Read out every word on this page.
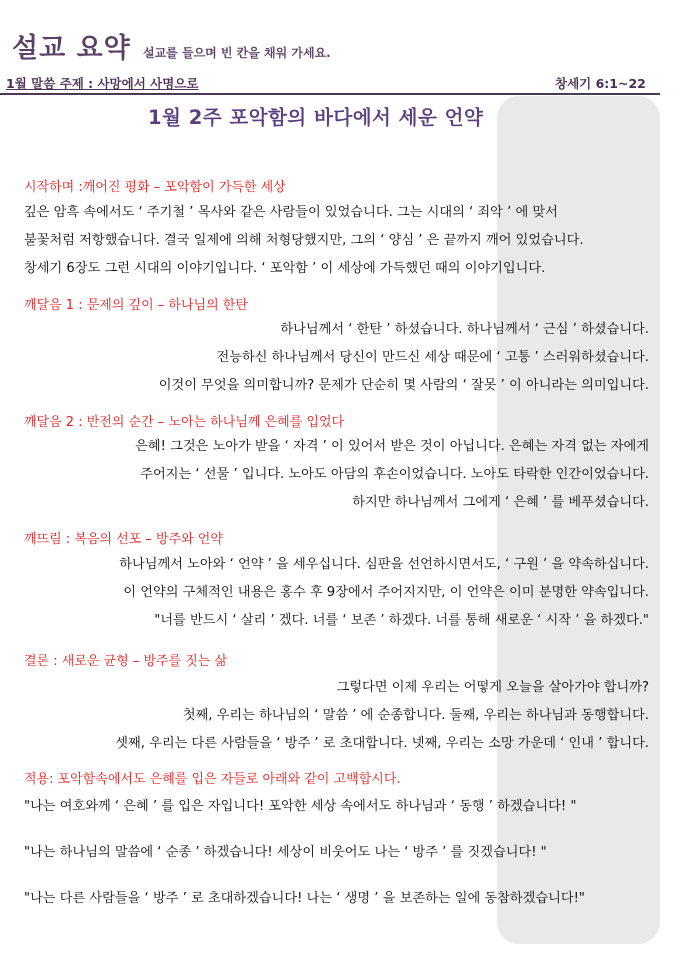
설교 요약 설교를 들으며 빈 칸을 채워 가세요.
1월 말씀 주제 : 사망에서 사명으로	창세기 6:1~22
1월 2주 포악함의 바다에서 세운 언약
시작하며 :깨어진 평화 – 포악함이 가득한 세상
깊은 암흑 속에서도 ‘ 주기철 ’ 목사와 같은 사람들이 있었습니다. 그는 시대의 ‘ 죄악 ’ 에 맞서
불꽃처럼 저항했습니다. 결국 일제에 의해 처형당했지만, 그의 ‘ 양심 ’ 은 끝까지 깨어 있었습니다.
창세기 6장도 그런 시대의 이야기입니다. ‘ 포악함 ’ 이 세상에 가득했던 때의 이야기입니다.
깨달음 1 : 문제의 깊이 – 하나님의 한탄
하나님께서 ‘ 한탄 ’ 하셨습니다. 하나님께서 ‘ 근심 ’ 하셨습니다.
전능하신 하나님께서 당신이 만드신 세상 때문에 ‘ 고통 ’ 스러워하셨습니다.
이것이 무엇을 의미합니까? 문제가 단순히 몇 사람의 ‘ 잘못 ’ 이 아니라는 의미입니다.
깨달음 2 : 반전의 순간 – 노아는 하나님께 은혜를 입었다
은혜! 그것은 노아가 받을 ‘ 자격 ’ 이 있어서 받은 것이 아닙니다. 은혜는 자격 없는 자에게
주어지는 ‘ 선물 ’ 입니다. 노아도 아담의 후손이었습니다. 노아도 타락한 인간이었습니다.
하지만 하나님께서 그에게 ‘ 은혜 ’ 를 베푸셨습니다.
깨뜨림 : 복음의 선포 – 방주와 언약
하나님께서 노아와 ‘ 언약 ’ 을 세우십니다. 심판을 선언하시면서도, ‘ 구원 ’ 을 약속하십니다.
이 언약의 구체적인 내용은 홍수 후 9장에서 주어지지만, 이 언약은 이미 분명한 약속입니다.
"너를 반드시 ‘ 살리 ’ 겠다. 너를 ‘ 보존 ’ 하겠다. 너를 통해 새로운 ‘ 시작 ’ 을 하겠다."
결론 : 새로운 균형 – 방주를 짓는 삶
그렇다면 이제 우리는 어떻게 오늘을 살아가야 합니까?
첫째, 우리는 하나님의 ‘ 말씀 ’ 에 순종합니다. 둘째, 우리는 하나님과 동행합니다.
셋째, 우리는 다른 사람들을 ‘ 방주 ’ 로 초대합니다. 넷째, 우리는 소망 가운데 ‘ 인내 ’ 합니다.
적용: 포악함속에서도 은혜를 입은 자들로 아래와 같이 고백합시다.
"나는 여호와께 ‘ 은혜 ’ 를 입은 자입니다! 포악한 세상 속에서도 하나님과 ‘ 동행 ’ 하겠습니다! "
"나는 하나님의 말씀에 ‘ 순종 ’ 하겠습니다! 세상이 비웃어도 나는 ‘ 방주 ’ 를 짓겠습니다! "
"나는 다른 사람들을 ‘ 방주 ’ 로 초대하겠습니다! 나는 ‘ 생명 ’ 을 보존하는 일에 동참하겠습니다!"
